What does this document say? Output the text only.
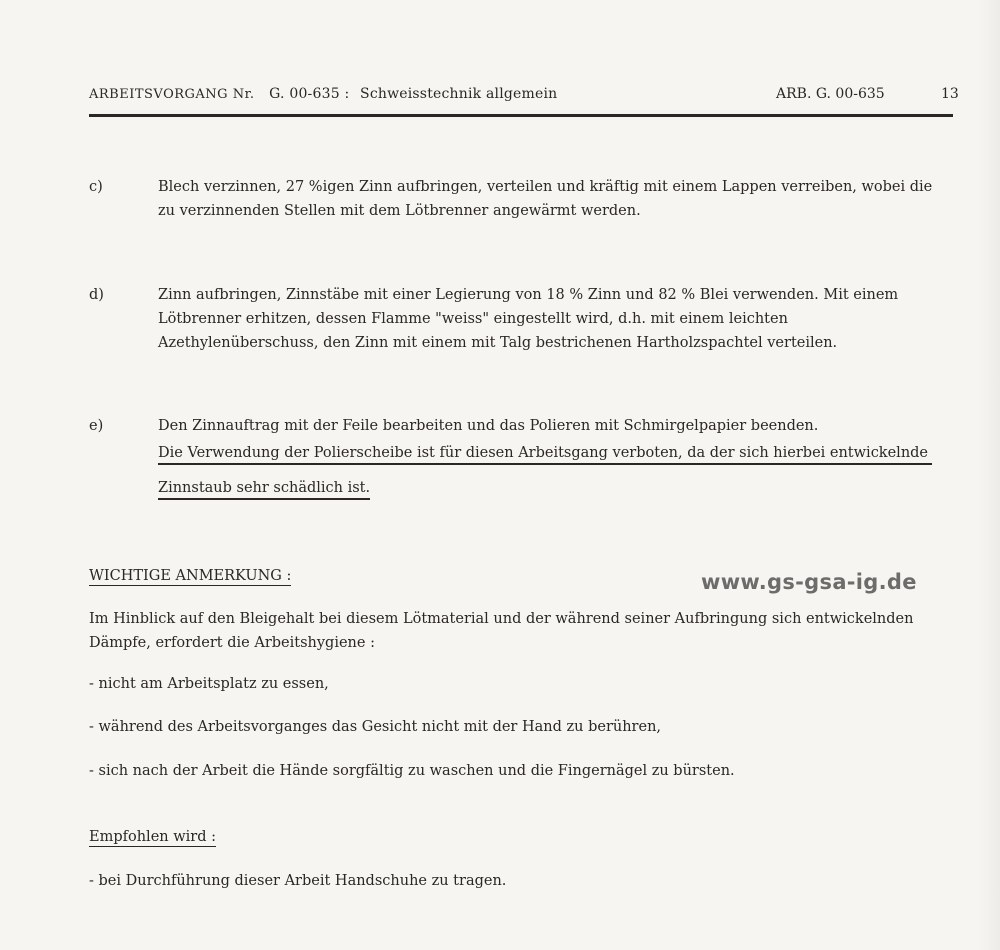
ARBEITSVORGANG Nr. G. 00-635 : Schweisstechnik allgemein	ARB. G. 00-635	13
c)	Blech verzinnen, 27 %igen Zinn aufbringen, verteilen und kräftig mit einem Lappen verreiben, wobei die zu verzinnenden Stellen mit dem Lötbrenner angewärmt werden.
d)	Zinn aufbringen, Zinnstäbe mit einer Legierung von 18 % Zinn und 82 % Blei verwenden. Mit einem Lötbrenner erhitzen, dessen Flamme "weiss" eingestellt wird, d.h. mit einem leichten Azethylenüberschuss, den Zinn mit einem mit Talg bestrichenen Hartholzspachtel verteilen.
e)	Den Zinnauftrag mit der Feile bearbeiten und das Polieren mit Schmirgelpapier beenden.
Die Verwendung der Polierscheibe ist für diesen Arbeitsgang verboten, da der sich hierbei entwickelnde
Zinnstaub sehr schädlich ist.
WICHTIGE ANMERKUNG :	www.gs-gsa-ig.de
Im Hinblick auf den Bleigehalt bei diesem Lötmaterial und der während seiner Aufbringung sich entwickelnden Dämpfe, erfordert die Arbeitshygiene :
- nicht am Arbeitsplatz zu essen,
- während des Arbeitsvorganges das Gesicht nicht mit der Hand zu berühren,
- sich nach der Arbeit die Hände sorgfältig zu waschen und die Fingernägel zu bürsten.
Empfohlen wird :
- bei Durchführung dieser Arbeit Handschuhe zu tragen.
